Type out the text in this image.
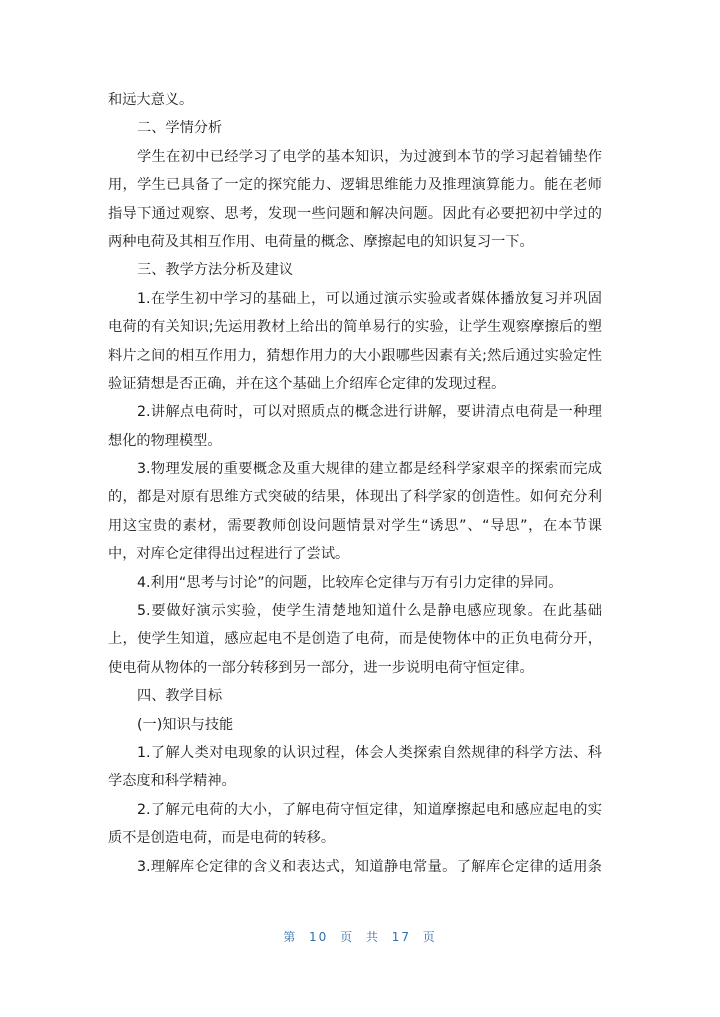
和远大意义。
二、学情分析
学生在初中已经学习了电学的基本知识，为过渡到本节的学习起着铺垫作
用，学生已具备了一定的探究能力、逻辑思维能力及推理演算能力。能在老师
指导下通过观察、思考，发现一些问题和解决问题。因此有必要把初中学过的
两种电荷及其相互作用、电荷量的概念、摩擦起电的知识复习一下。
三、教学方法分析及建议
1.在学生初中学习的基础上，可以通过演示实验或者媒体播放复习并巩固
电荷的有关知识;先运用教材上给出的简单易行的实验，让学生观察摩擦后的塑
料片之间的相互作用力，猜想作用力的大小跟哪些因素有关;然后通过实验定性
验证猜想是否正确，并在这个基础上介绍库仑定律的发现过程。
2.讲解点电荷时，可以对照质点的概念进行讲解，要讲清点电荷是一种理
想化的物理模型。
3.物理发展的重要概念及重大规律的建立都是经科学家艰辛的探索而完成
的，都是对原有思维方式突破的结果，体现出了科学家的创造性。如何充分利
用这宝贵的素材，需要教师创设问题情景对学生“诱思”、“导思”，在本节课
中，对库仑定律得出过程进行了尝试。
4.利用“思考与讨论”的问题，比较库仑定律与万有引力定律的异同。
5.要做好演示实验，使学生清楚地知道什么是静电感应现象。在此基础
上，使学生知道，感应起电不是创造了电荷，而是使物体中的正负电荷分开，
使电荷从物体的一部分转移到另一部分，进一步说明电荷守恒定律。
四、教学目标
(一)知识与技能
1.了解人类对电现象的认识过程，体会人类探索自然规律的科学方法、科
学态度和科学精神。
2.了解元电荷的大小，了解电荷守恒定律，知道摩擦起电和感应起电的实
质不是创造电荷，而是电荷的转移。
3.理解库仑定律的含义和表达式，知道静电常量。了解库仑定律的适用条
第 10 页 共 17 页
